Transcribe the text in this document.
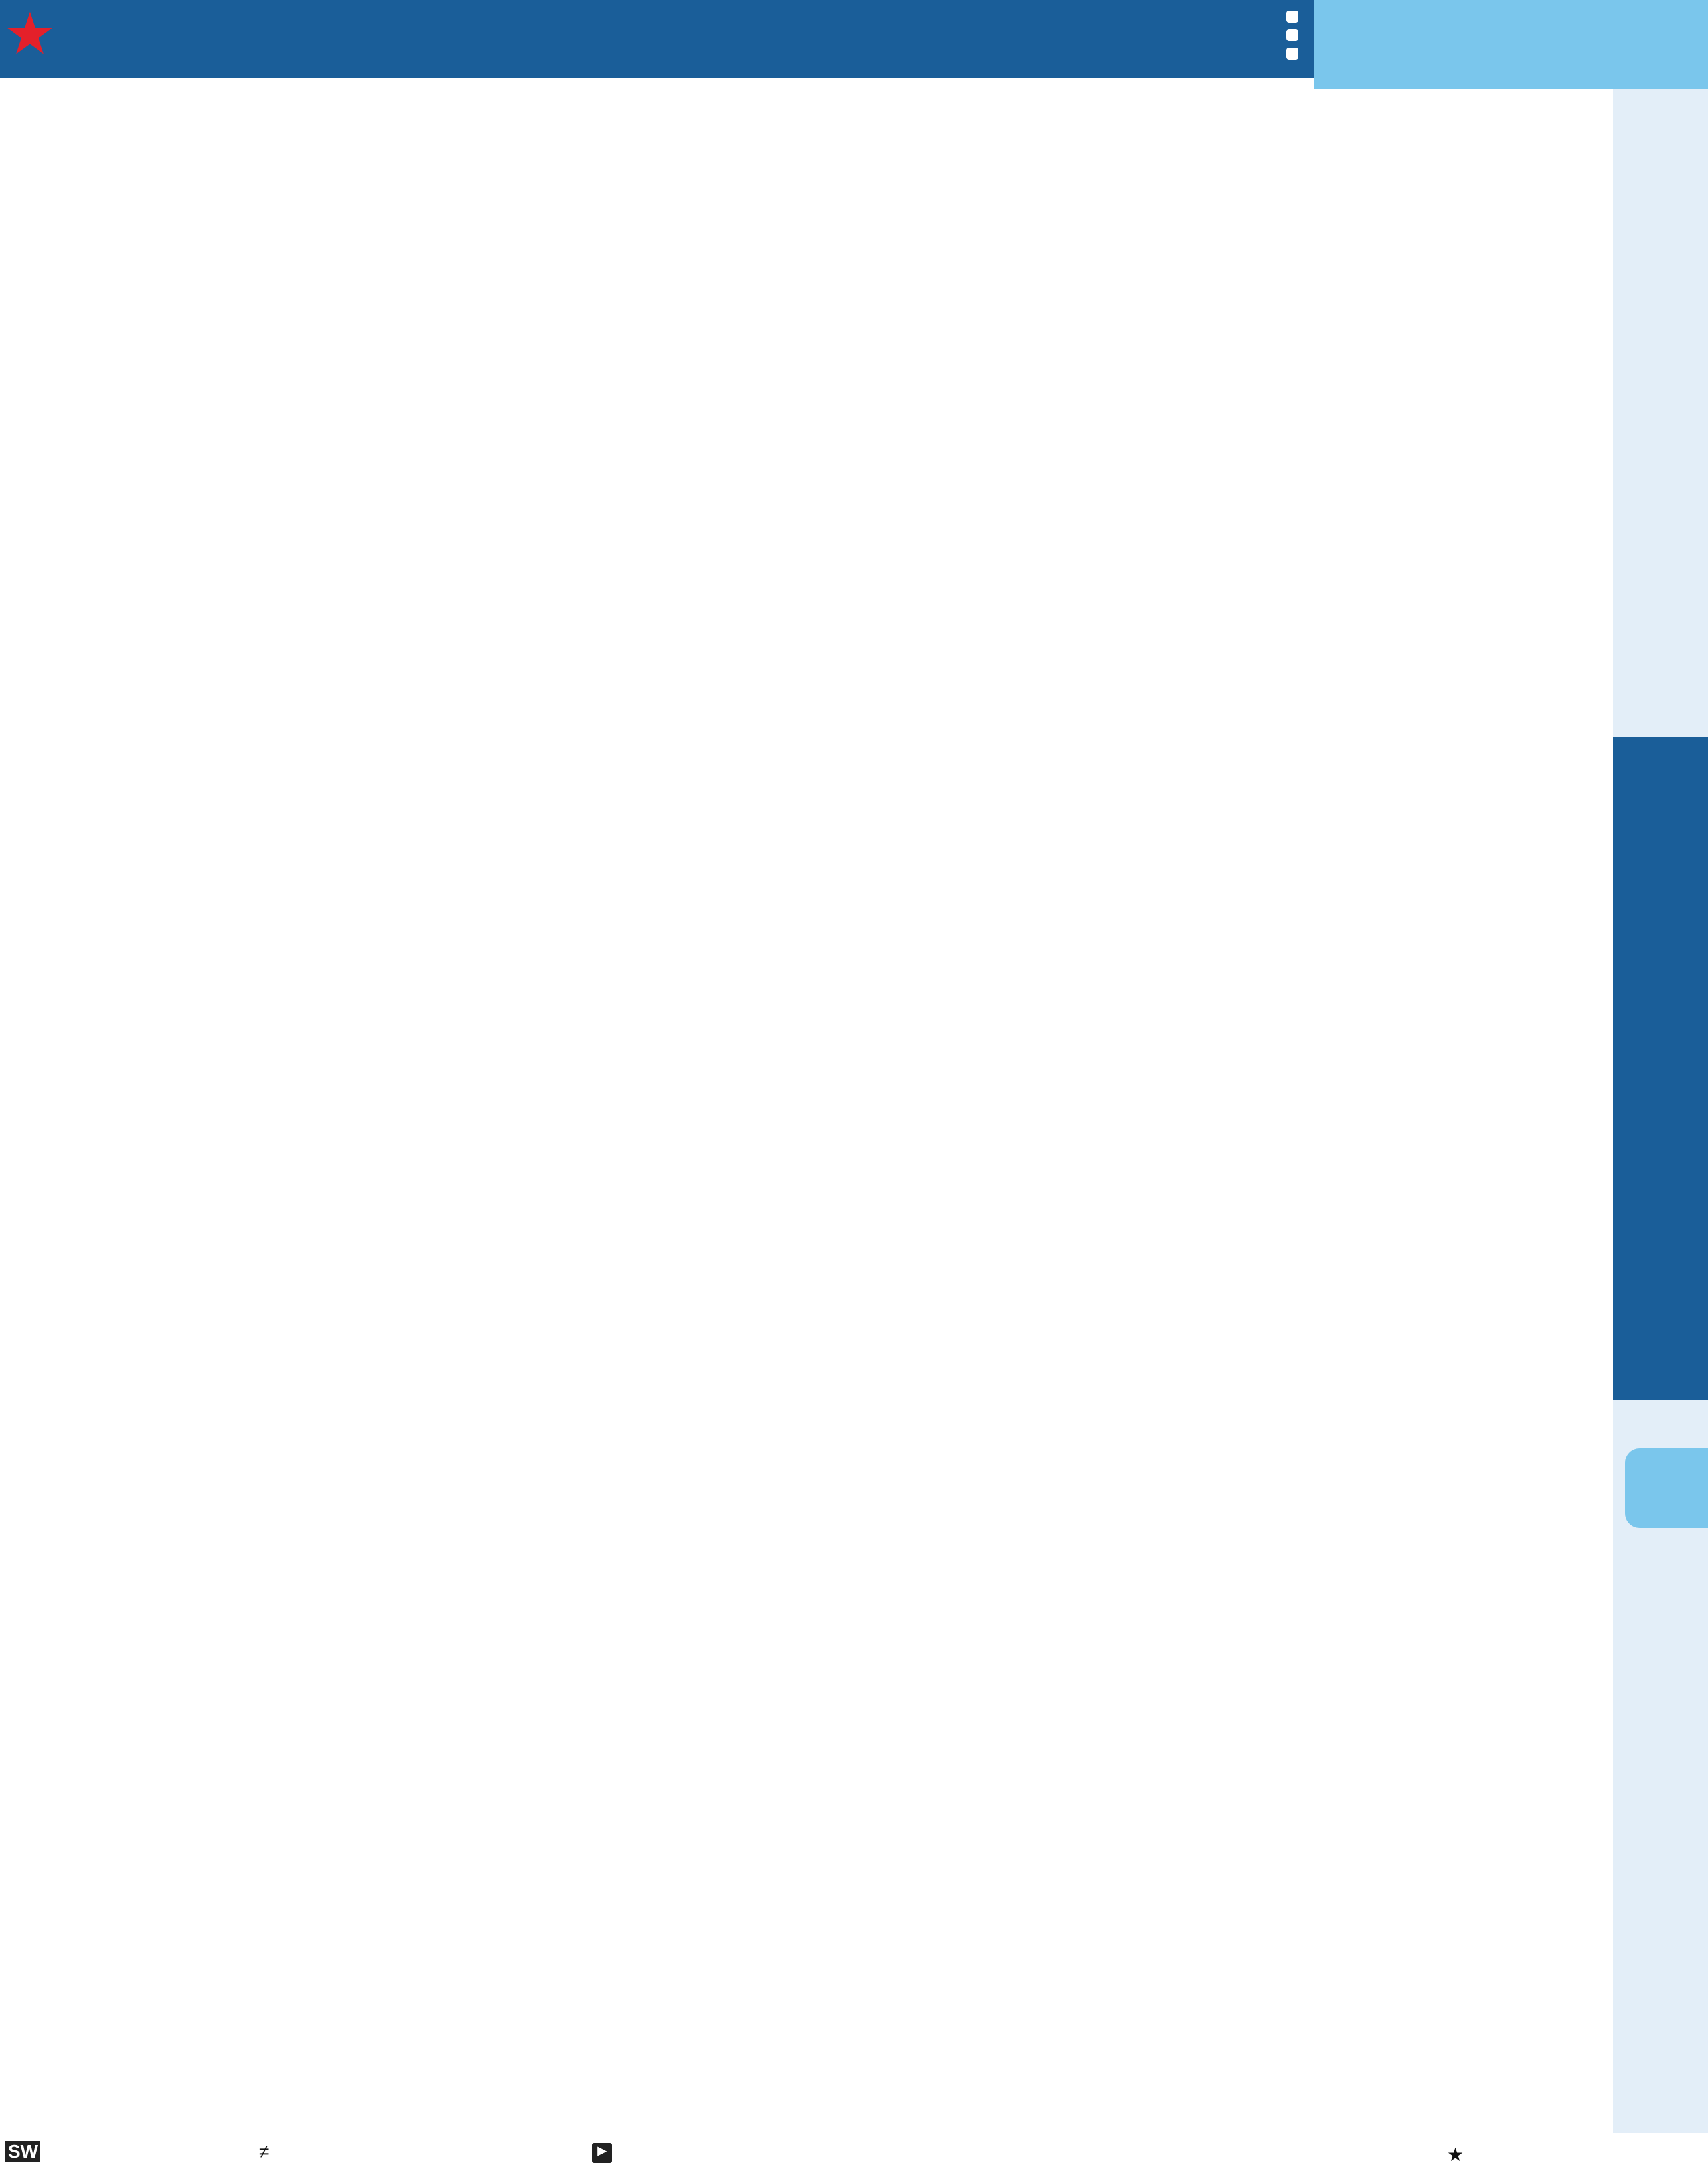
★
SW	≠	▶	★
